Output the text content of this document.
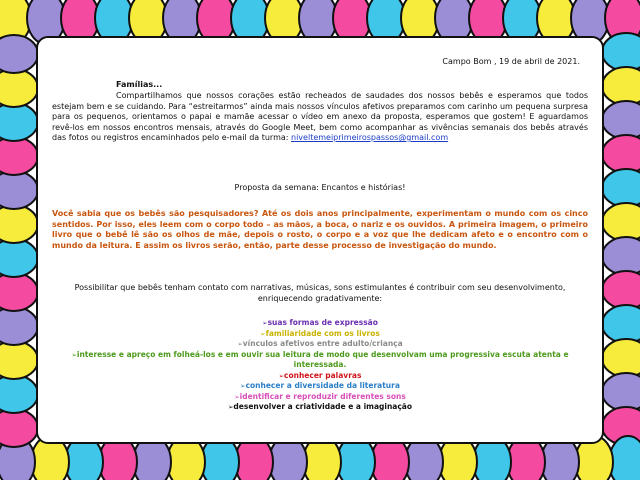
Campo Bom , 19 de abril de 2021.
Famílias...
Compartilhamos que nossos corações estão recheados de saudades dos nossos bebês e esperamos que todos estejam bem e se cuidando. Para “estreitarmos” ainda mais nossos vínculos afetivos preparamos com carinho um pequena surpresa para os pequenos, orientamos o papai e mamãe acessar o vídeo em anexo da proposta, esperamos que gostem! E aguardamos revê-los em nossos encontros mensais, através do Google Meet, bem como acompanhar as vivências semanais dos bebês através das fotos ou registros encaminhados pelo e-mail da turma: niveltemeiprimeirospassos@gmail.com
Proposta da semana: Encantos e histórias!
Você sabia que os bebês são pesquisadores? Até os dois anos principalmente, experimentam o mundo com os cinco sentidos. Por isso, eles leem com o corpo todo – as mãos, a boca, o nariz e os ouvidos. A primeira imagem, o primeiro livro que o bebê lê são os olhos de mãe, depois o rosto, o corpo e a voz que lhe dedicam afeto e o encontro com o mundo da leitura. E assim os livros serão, então, parte desse processo de investigação do mundo.
Possibilitar que bebês tenham contato com narrativas, músicas, sons estimulantes é contribuir com seu desenvolvimento, enriquecendo gradativamente:
➢suas formas de expressão
➢familiaridade com os livros
➢vínculos afetivos entre adulto/criança
➢interesse e apreço em folheá-los e em ouvir sua leitura de modo que desenvolvam uma progressiva escuta atenta e interessada.
➢conhecer palavras
➢conhecer a diversidade da literatura
➢identificar e reproduzir diferentes sons
➢desenvolver a criatividade e a imaginação
